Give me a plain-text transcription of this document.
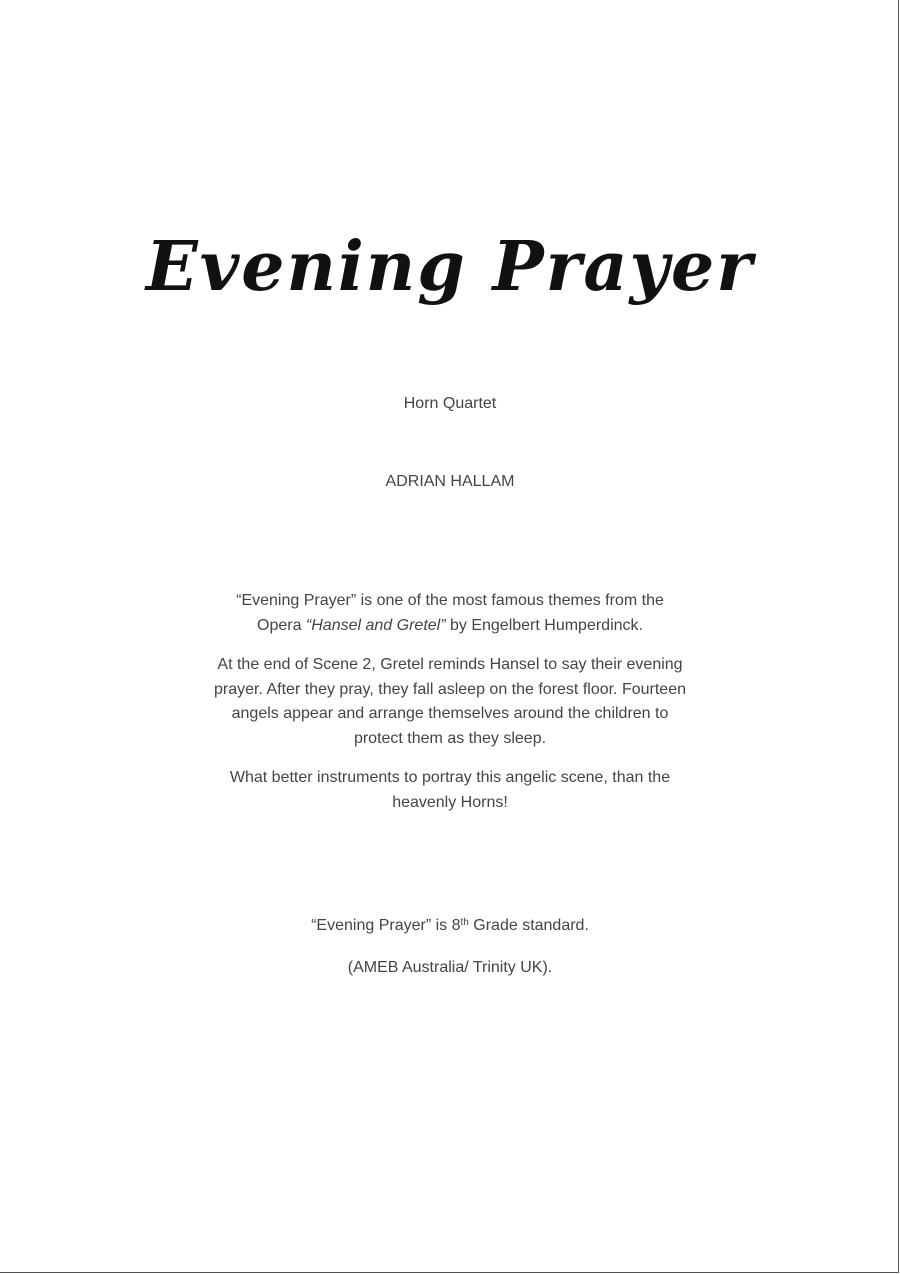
Evening Prayer

Horn Quartet

ADRIAN HALLAM

“Evening Prayer” is one of the most famous themes from the Opera “Hansel and Gretel” by Engelbert Humperdinck.

At the end of Scene 2, Gretel reminds Hansel to say their evening prayer. After they pray, they fall asleep on the forest floor. Fourteen angels appear and arrange themselves around the children to protect them as they sleep.

What better instruments to portray this angelic scene, than the heavenly Horns!

“Evening Prayer” is 8th Grade standard.

(AMEB Australia/ Trinity UK).
